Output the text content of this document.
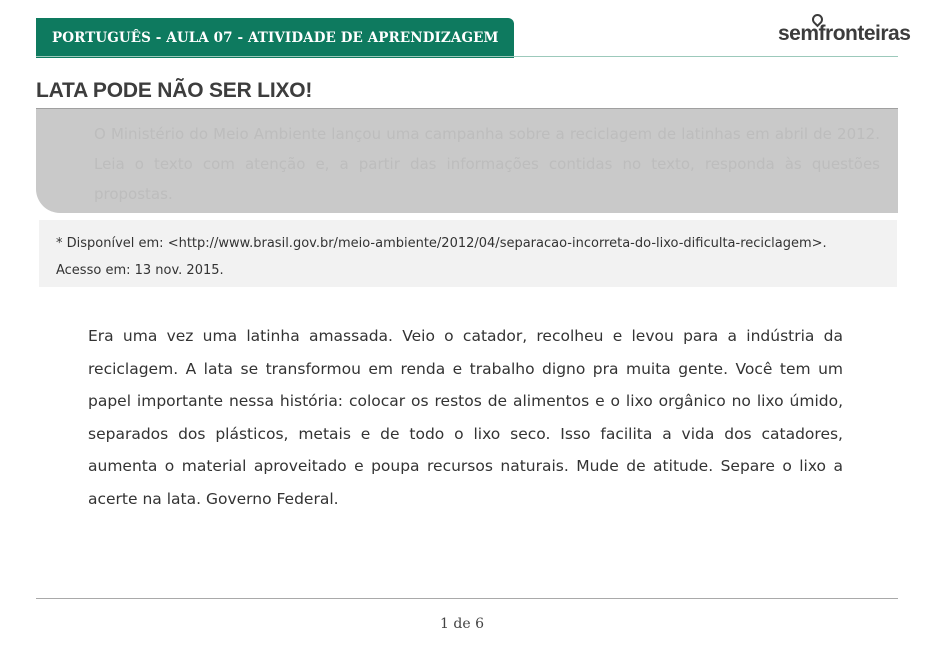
PORTUGUÊS - AULA 07 - ATIVIDADE DE APRENDIZAGEM	semfronteiras
LATA PODE NÃO SER LIXO!

O Ministério do Meio Ambiente lançou uma campanha sobre a reciclagem de latinhas em abril de 2012. Leia o texto com atenção e, a partir das informações contidas no texto, responda às questões propostas.

* Disponível em: <http://www.brasil.gov.br/meio-ambiente/2012/04/separacao-incorreta-do-lixo-dificulta-reciclagem>. Acesso em: 13 nov. 2015.
Era uma vez uma latinha amassada. Veio o catador, recolheu e levou para a indústria da reciclagem. A lata se transformou em renda e trabalho digno pra muita gente. Você tem um papel importante nessa história: colocar os restos de alimentos e o lixo orgânico no lixo úmido, separados dos plásticos, metais e de todo o lixo seco. Isso facilita a vida dos catadores, aumenta o material aproveitado e poupa recursos naturais. Mude de atitude. Separe o lixo a acerte na lata. Governo Federal.
1 de 6
